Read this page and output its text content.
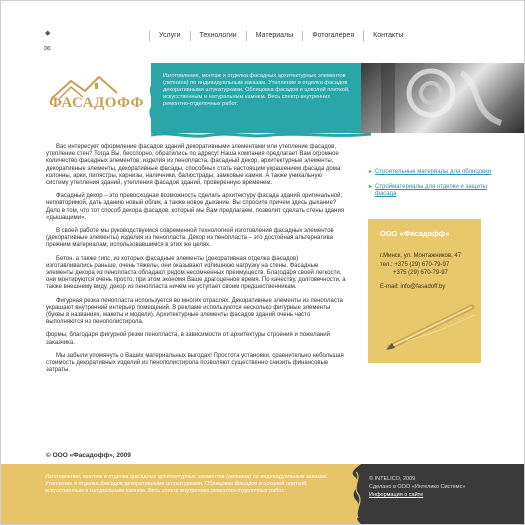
◆
✉
Услуги	Технологии	Материалы	Фотогалерея	Контакты
ФАСАДОФФ
Изготовление, монтаж и отделка фасадных архитектурных элементов (лепнина) по индивидуальным заказам. Утепление и отделка фасадов декоративными штукатурками. Облицовка фасадов и цоколей плиткой, искусственным и натуральным камнем. Весь спектр внутренних ремонтно-отделочных работ.

Вас интересует оформление фасадов зданий декоративными элементами или утепление фасадов, утепление стен? Тогда Вы, бесспорно, обратились по адресу! Наша компания предлагает Вам огромное количество фасадных элементов: изделия из пенопласта, фасадный декор, архитектурные элементы, декоративные элементы, декоративные фасады, способных стать настоящим украшением фасада дома: колонны, арки, пилястры, карнизы, наличники, балюстрады, замковые камни. А также уникальную систему утепления зданий, утепления фасадов зданий, проверенную временем.

Фасадный декор – это превосходная возможность сделать архитектуру фасада зданий оригинальной, неповторимой, дать зданию новый облик, а также новое дыхание. Вы спросите причем здесь дыхание? Дело в том, что тот способ декора фасадов, который мы Вам предлагаем, позволит сделать стены здания «дышащими».

В своей работе мы руководствуемся современной технологией изготовления фасадных элементов (декоративные элементы) изделия из пенопласта. Декор из пенопласта – это достойная альтернатива прежним материалам, использовавшимся в этих же целях.

Бетон, а также гипс, из которых фасадные элементы (декоративная отделка фасадов) изготавливались раньше, очень тяжелы, они оказывают излишнюю нагрузку на стены. Фасадные элементы декора из пенопласта обладают рядом несомненных преимуществ. Благодаря своей легкости, они монтируются очень просто, при этом экономя Ваше драгоценное время. По качеству, долговечности, а также внешнему виду, декор из пенопласта ничем не уступает своим предшественникам.

Фигурная резка пенопласта используется во многих отраслях. Декоративные элементы из пенопласта украшают внутренний интерьер помещений. В рекламе используются несколько фигурные элементы (буквы в названиях, макеты и модели). Архитектурные элементы фасадов зданий очень часто выполняются из пенополистирола.

формы, благодаря фигурной резки пенопласта, в зависимости от архитектуры строения и пожеланий заказчика.

Мы забыли упомянуть о Ваших материальных выгодах! Простота установки, сравнительно небольшая стоимость декоративных изделий из пенополистирола позволяют существенно снизить финансовые затраты.

© ООО «Фасадофф», 2009
▸ Строительные материалы для облицовки
▸ Стройматериалы для отделки и защиты фасада
ООО «Фасадофф»
г.Минск, ул. Монтажников, 47
тел.: +375 (29) 670-79-97
+375 (29) 670-79-97
E-mail: info@fasadoff.by
Изготовление, монтаж и отделка фасадных архитектурных элементов (лепнина) по индивидуальным заказам. Утепление и отделка фасадов декоративными штукатурками. Облицовка фасадов и цоколей плиткой, искусственным и натуральным камнем. Весь спектр внутренних ремонтно-отделочных работ.
© INTELICO, 2009
Сделано в ООО «Интелико Системс»
Информация о сайте
